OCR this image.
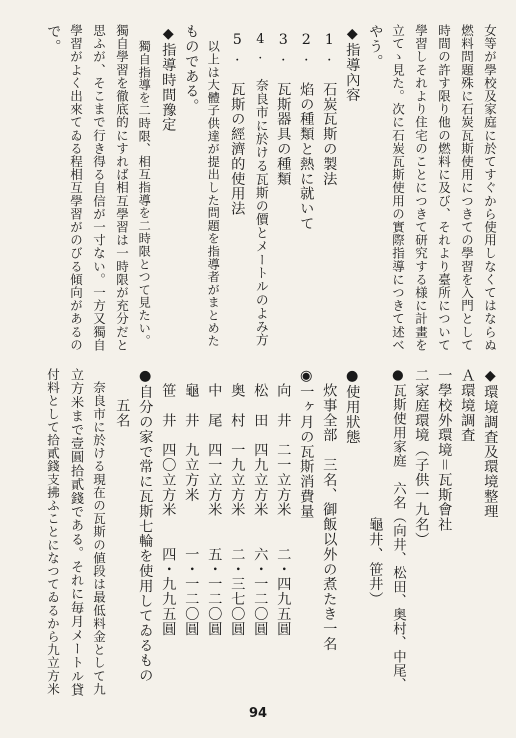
女等が學校及家庭に於てすぐから使用しなくてはならぬ
燃料問題殊に石炭瓦斯使用につきての學習を入門として
時間の許す限り他の燃料に及び、それより臺所について
學習しそれより住宅のことにつきて研究する様に計畫を
立てゝ見た。次に石炭瓦斯使用の實際指導につきて述べ
やう。
◆指導內容
1. 石炭瓦斯の製法
2. 焰の種類と熱に就いて
3. 瓦斯器具の種類
4. 奈良市に於ける瓦斯の價とメートルのよみ方
5. 瓦斯の經濟的使用法
以上は大體子供達が提出した問題を指導者がまとめた
ものである。
◆指導時間豫定
獨自指導を二時限、相互指導を二時限とつて見たい。
獨自學習を徹底的にすれば相互學習は一時限が充分だと
思ふが、そこまで行き得る自信が一寸ない。一方又獨自
學習がよく出來てゐる程相互學習がのびる傾向があるの
で。
◆環境調査及環境整理
Ａ環境調査
一學校外環境＝瓦斯會社
二家庭環境（子供一九名）
●瓦斯使用家庭　六名（向井、松田、奥村、中尾、
　　　　　　　　　　龜井、笹井）
●使用狀態
　炊事全部　三名、御飯以外の煮たき一名
◉一ヶ月の瓦斯消費量
　向　井　二一立方米　　二・四九五圓
　松　田　四九立方米　　六・一二〇圓
　奥　村　一九立方米　　二・三七〇圓
　中　尾　四一立方米　　五・一二〇圓
　龜　井　九立方米　　　一・一二〇圓
　笹　井　四〇立方米　　四・九九五圓
●自分の家で常に瓦斯七輪を使用してゐるもの
　　五名
　奈良市に於ける現在の瓦斯の値段は最低料金として九
立方米まで壹圓拾貳錢である。それに毎月メートル貸
付料として拾貳錢支拂ふことになつてゐるから九立方米
94
